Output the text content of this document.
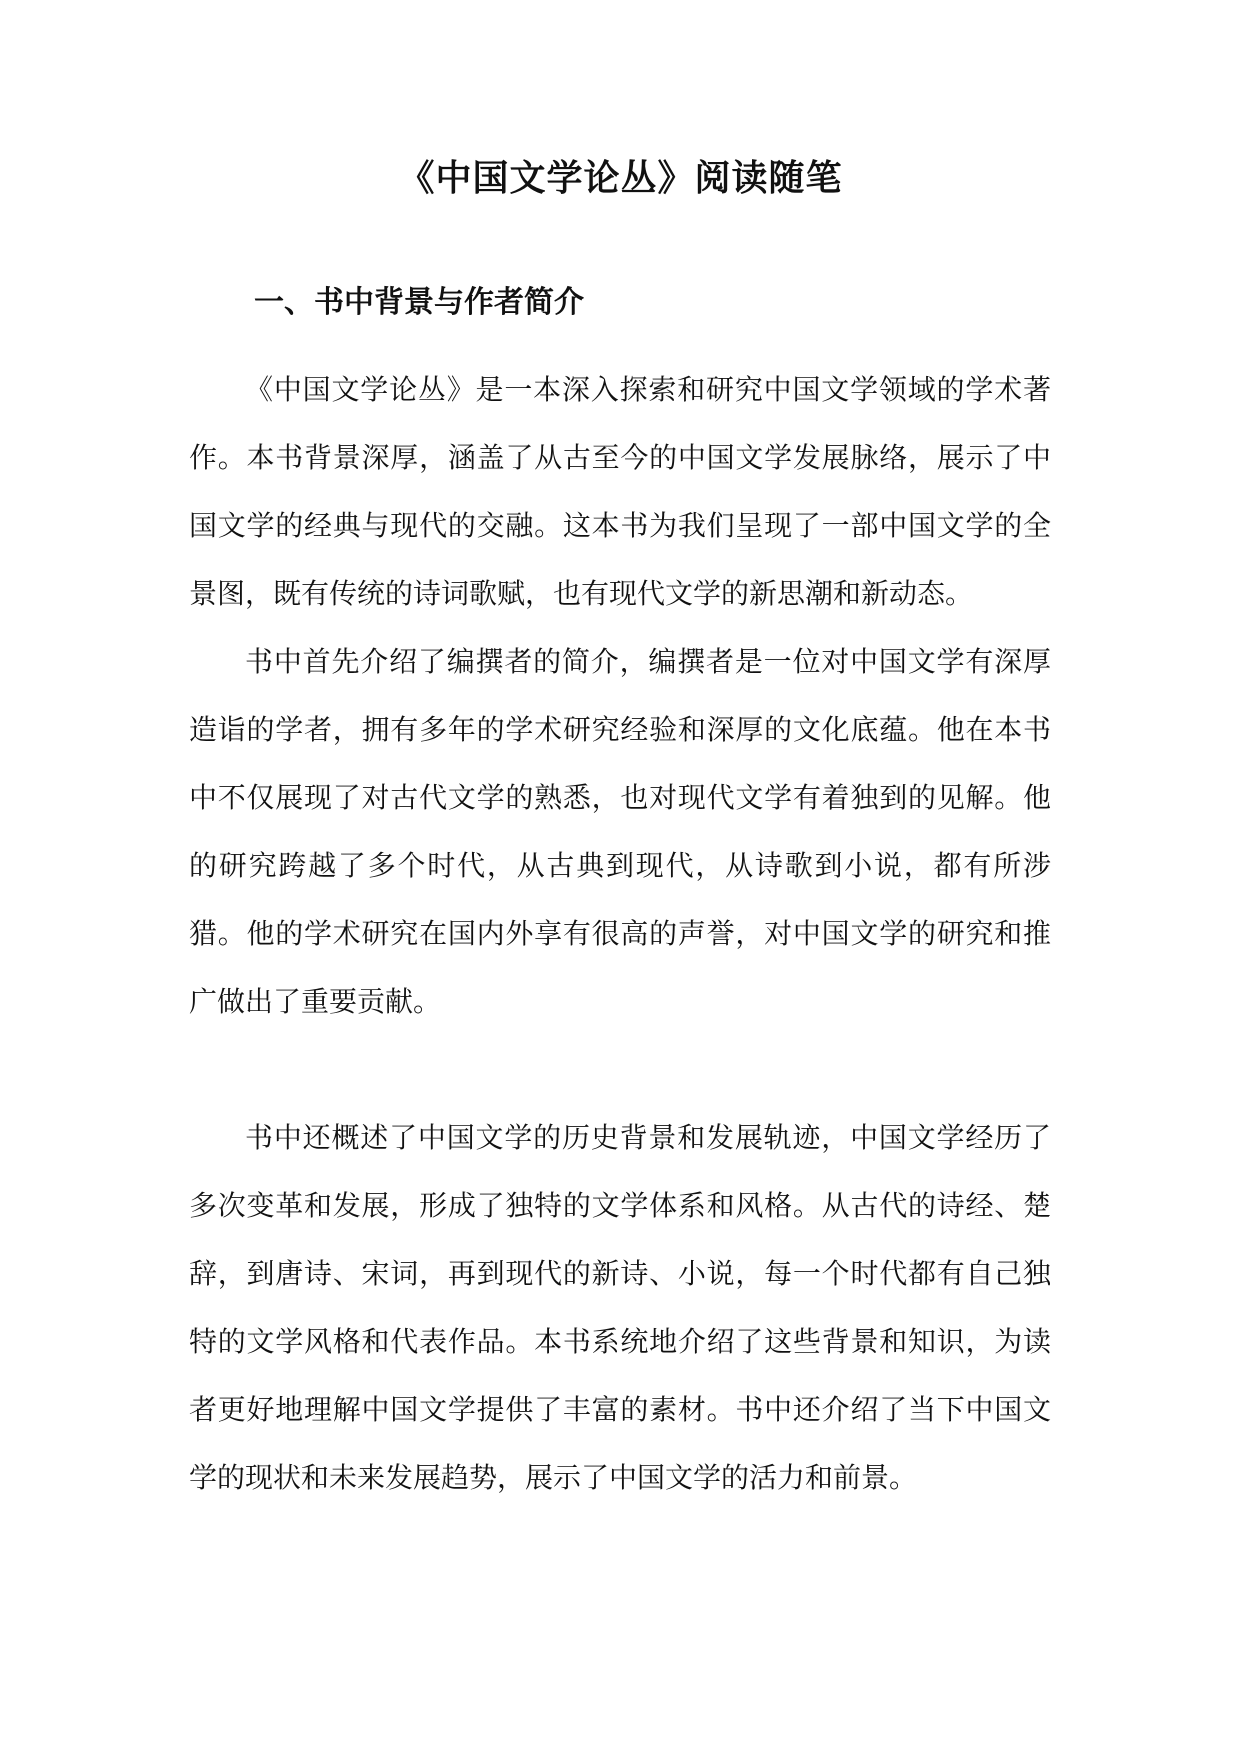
《中国文学论丛》阅读随笔
一、书中背景与作者简介

《中国文学论丛》是一本深入探索和研究中国文学领域的学术著作。本书背景深厚，涵盖了从古至今的中国文学发展脉络，展示了中国文学的经典与现代的交融。这本书为我们呈现了一部中国文学的全景图，既有传统的诗词歌赋，也有现代文学的新思潮和新动态。

书中首先介绍了编撰者的简介，编撰者是一位对中国文学有深厚造诣的学者，拥有多年的学术研究经验和深厚的文化底蕴。他在本书中不仅展现了对古代文学的熟悉，也对现代文学有着独到的见解。他的研究跨越了多个时代，从古典到现代，从诗歌到小说，都有所涉猎。他的学术研究在国内外享有很高的声誉，对中国文学的研究和推广做出了重要贡献。

书中还概述了中国文学的历史背景和发展轨迹，中国文学经历了多次变革和发展，形成了独特的文学体系和风格。从古代的诗经、楚辞，到唐诗、宋词，再到现代的新诗、小说，每一个时代都有自己独特的文学风格和代表作品。本书系统地介绍了这些背景和知识，为读者更好地理解中国文学提供了丰富的素材。书中还介绍了当下中国文学的现状和未来发展趋势，展示了中国文学的活力和前景。
